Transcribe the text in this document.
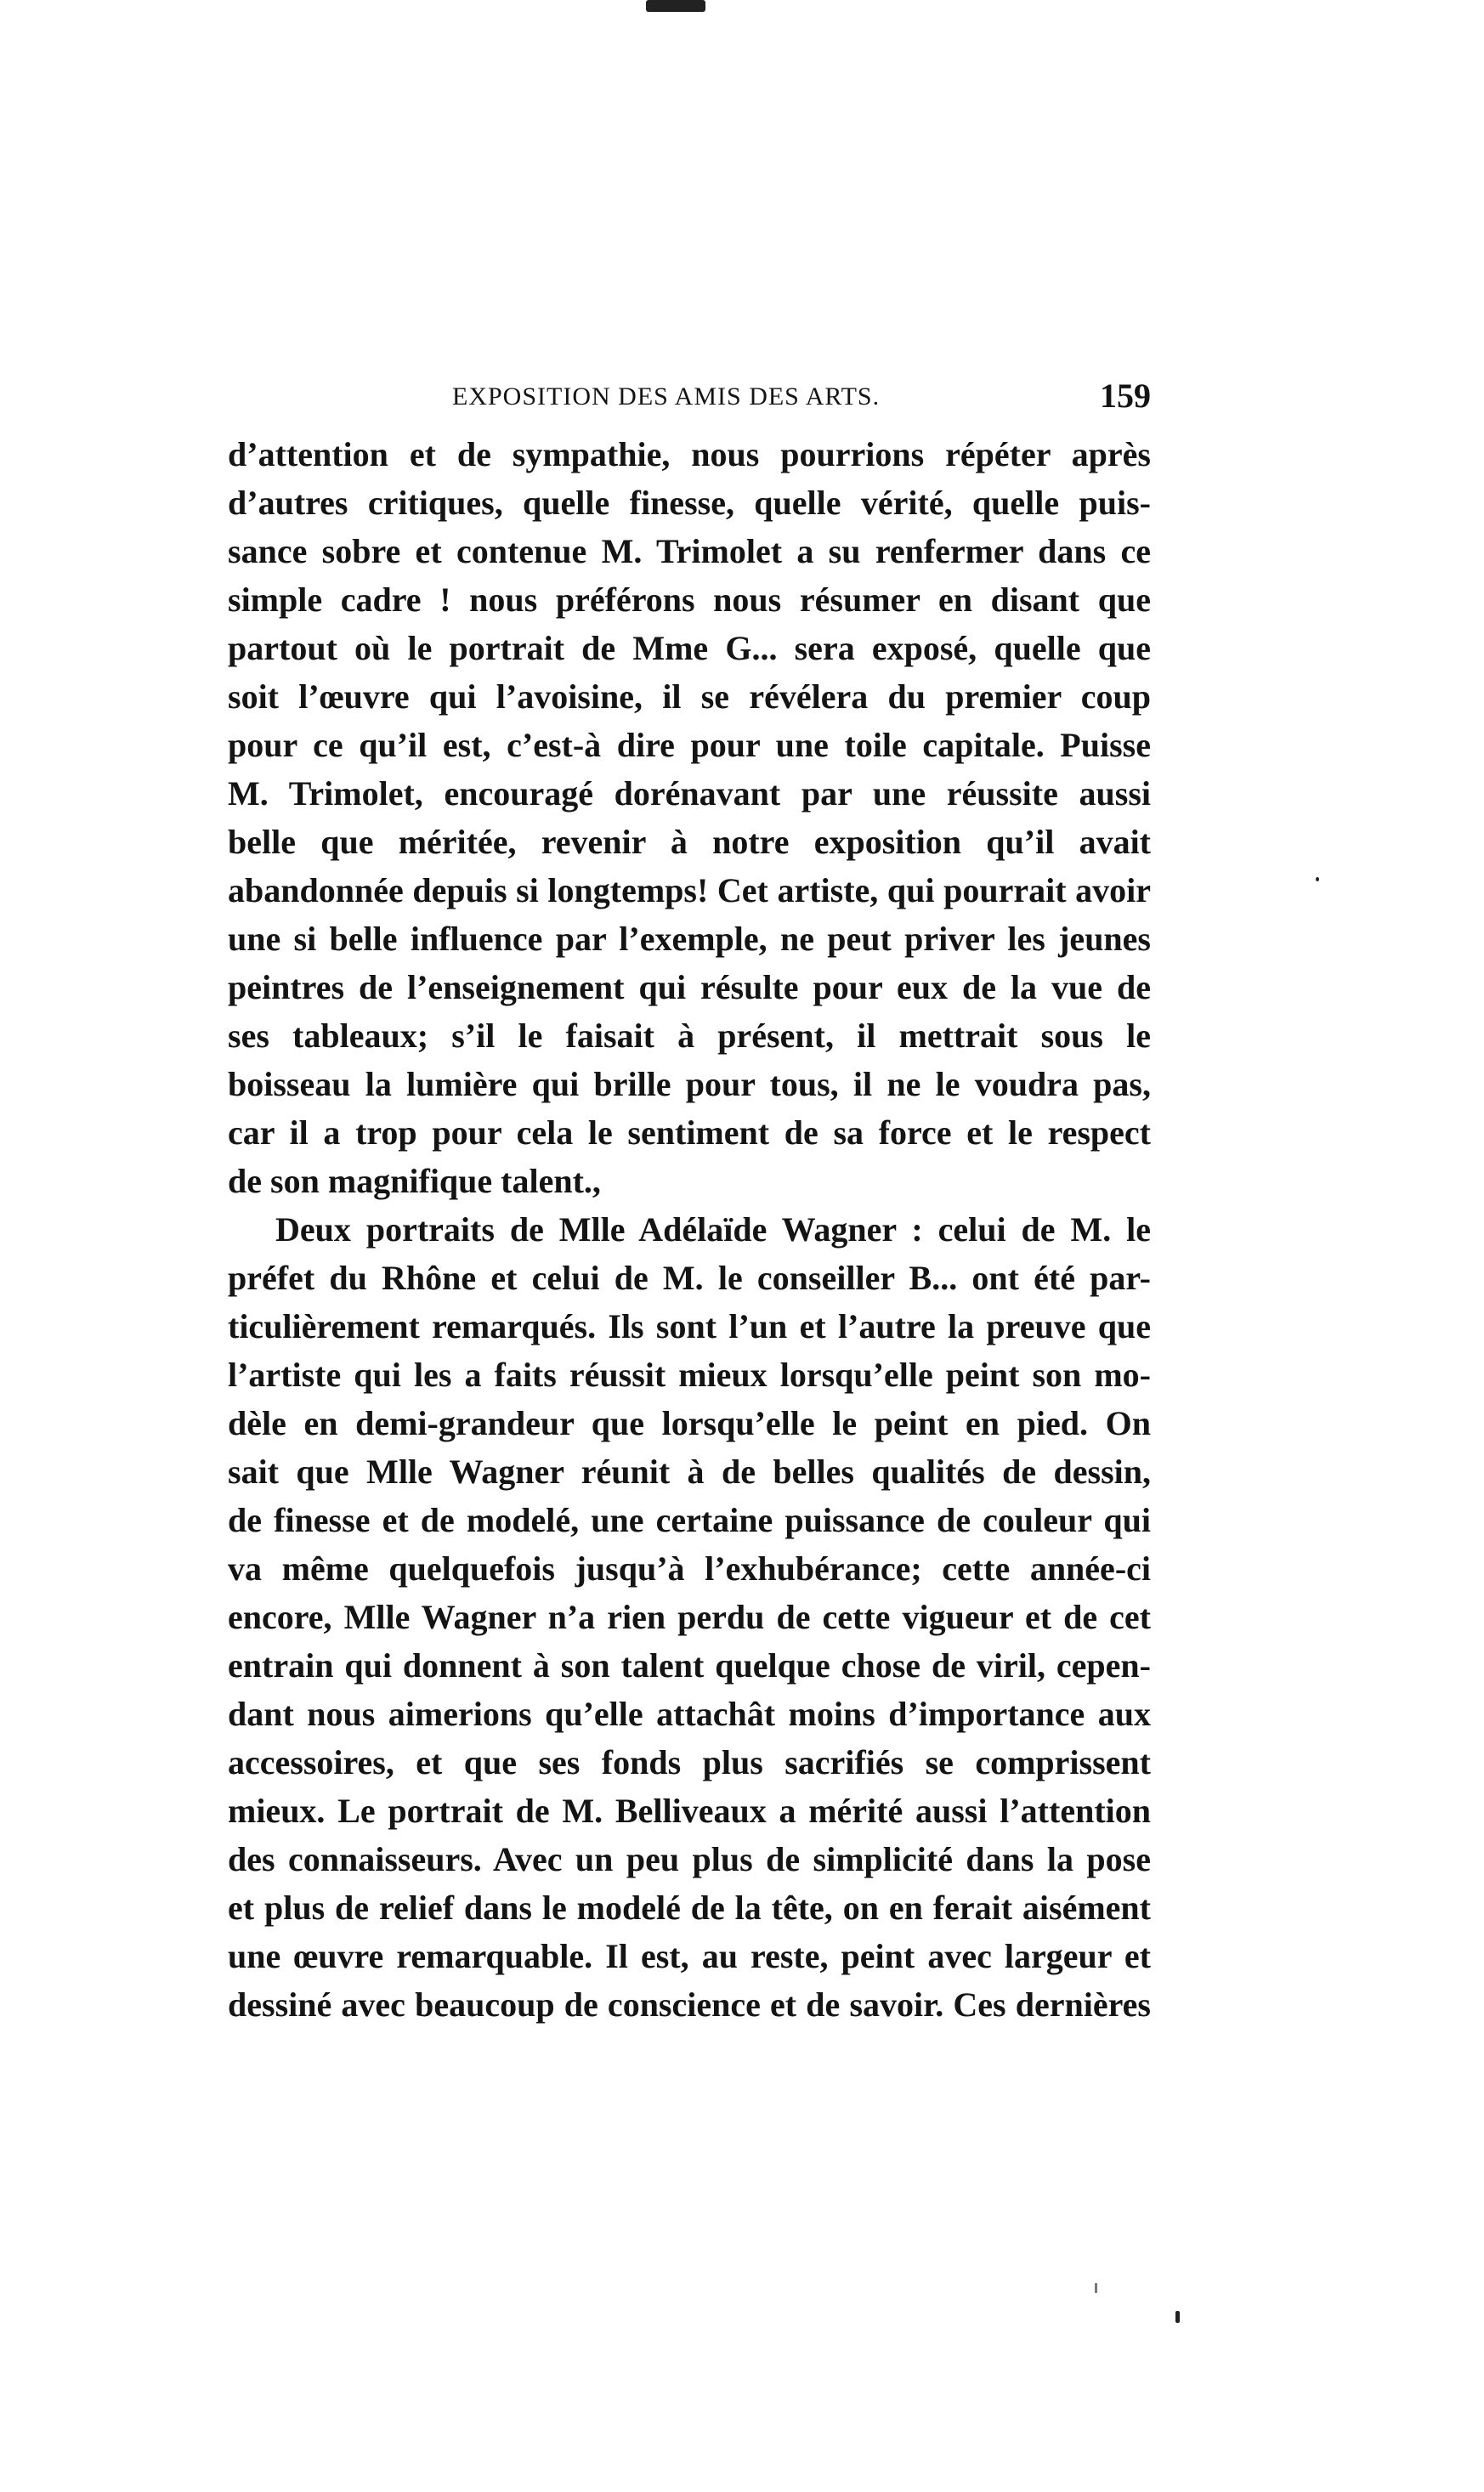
EXPOSITION DES AMIS DES ARTS.	159
d’attention et de sympathie, nous pourrions répéter après
d’autres critiques, quelle finesse, quelle vérité, quelle puis-
sance sobre et contenue M. Trimolet a su renfermer dans ce
simple cadre ! nous préférons nous résumer en disant que
partout où le portrait de Mme G... sera exposé, quelle que
soit l’œuvre qui l’avoisine, il se révélera du premier coup
pour ce qu’il est, c’est-à dire pour une toile capitale. Puisse
M. Trimolet, encouragé dorénavant par une réussite aussi
belle que méritée, revenir à notre exposition qu’il avait
abandonnée depuis si longtemps! Cet artiste, qui pourrait avoir
une si belle influence par l’exemple, ne peut priver les jeunes
peintres de l’enseignement qui résulte pour eux de la vue de
ses tableaux; s’il le faisait à présent, il mettrait sous le
boisseau la lumière qui brille pour tous, il ne le voudra pas,
car il a trop pour cela le sentiment de sa force et le respect
de son magnifique talent.,
Deux portraits de Mlle Adélaïde Wagner : celui de M. le
préfet du Rhône et celui de M. le conseiller B... ont été par-
ticulièrement remarqués. Ils sont l’un et l’autre la preuve que
l’artiste qui les a faits réussit mieux lorsqu’elle peint son mo-
dèle en demi-grandeur que lorsqu’elle le peint en pied. On
sait que Mlle Wagner réunit à de belles qualités de dessin,
de finesse et de modelé, une certaine puissance de couleur qui
va même quelquefois jusqu’à l’exhubérance; cette année-ci
encore, Mlle Wagner n’a rien perdu de cette vigueur et de cet
entrain qui donnent à son talent quelque chose de viril, cepen-
dant nous aimerions qu’elle attachât moins d’importance aux
accessoires, et que ses fonds plus sacrifiés se comprissent
mieux. Le portrait de M. Belliveaux a mérité aussi l’attention
des connaisseurs. Avec un peu plus de simplicité dans la pose
et plus de relief dans le modelé de la tête, on en ferait aisément
une œuvre remarquable. Il est, au reste, peint avec largeur et
dessiné avec beaucoup de conscience et de savoir. Ces dernières
